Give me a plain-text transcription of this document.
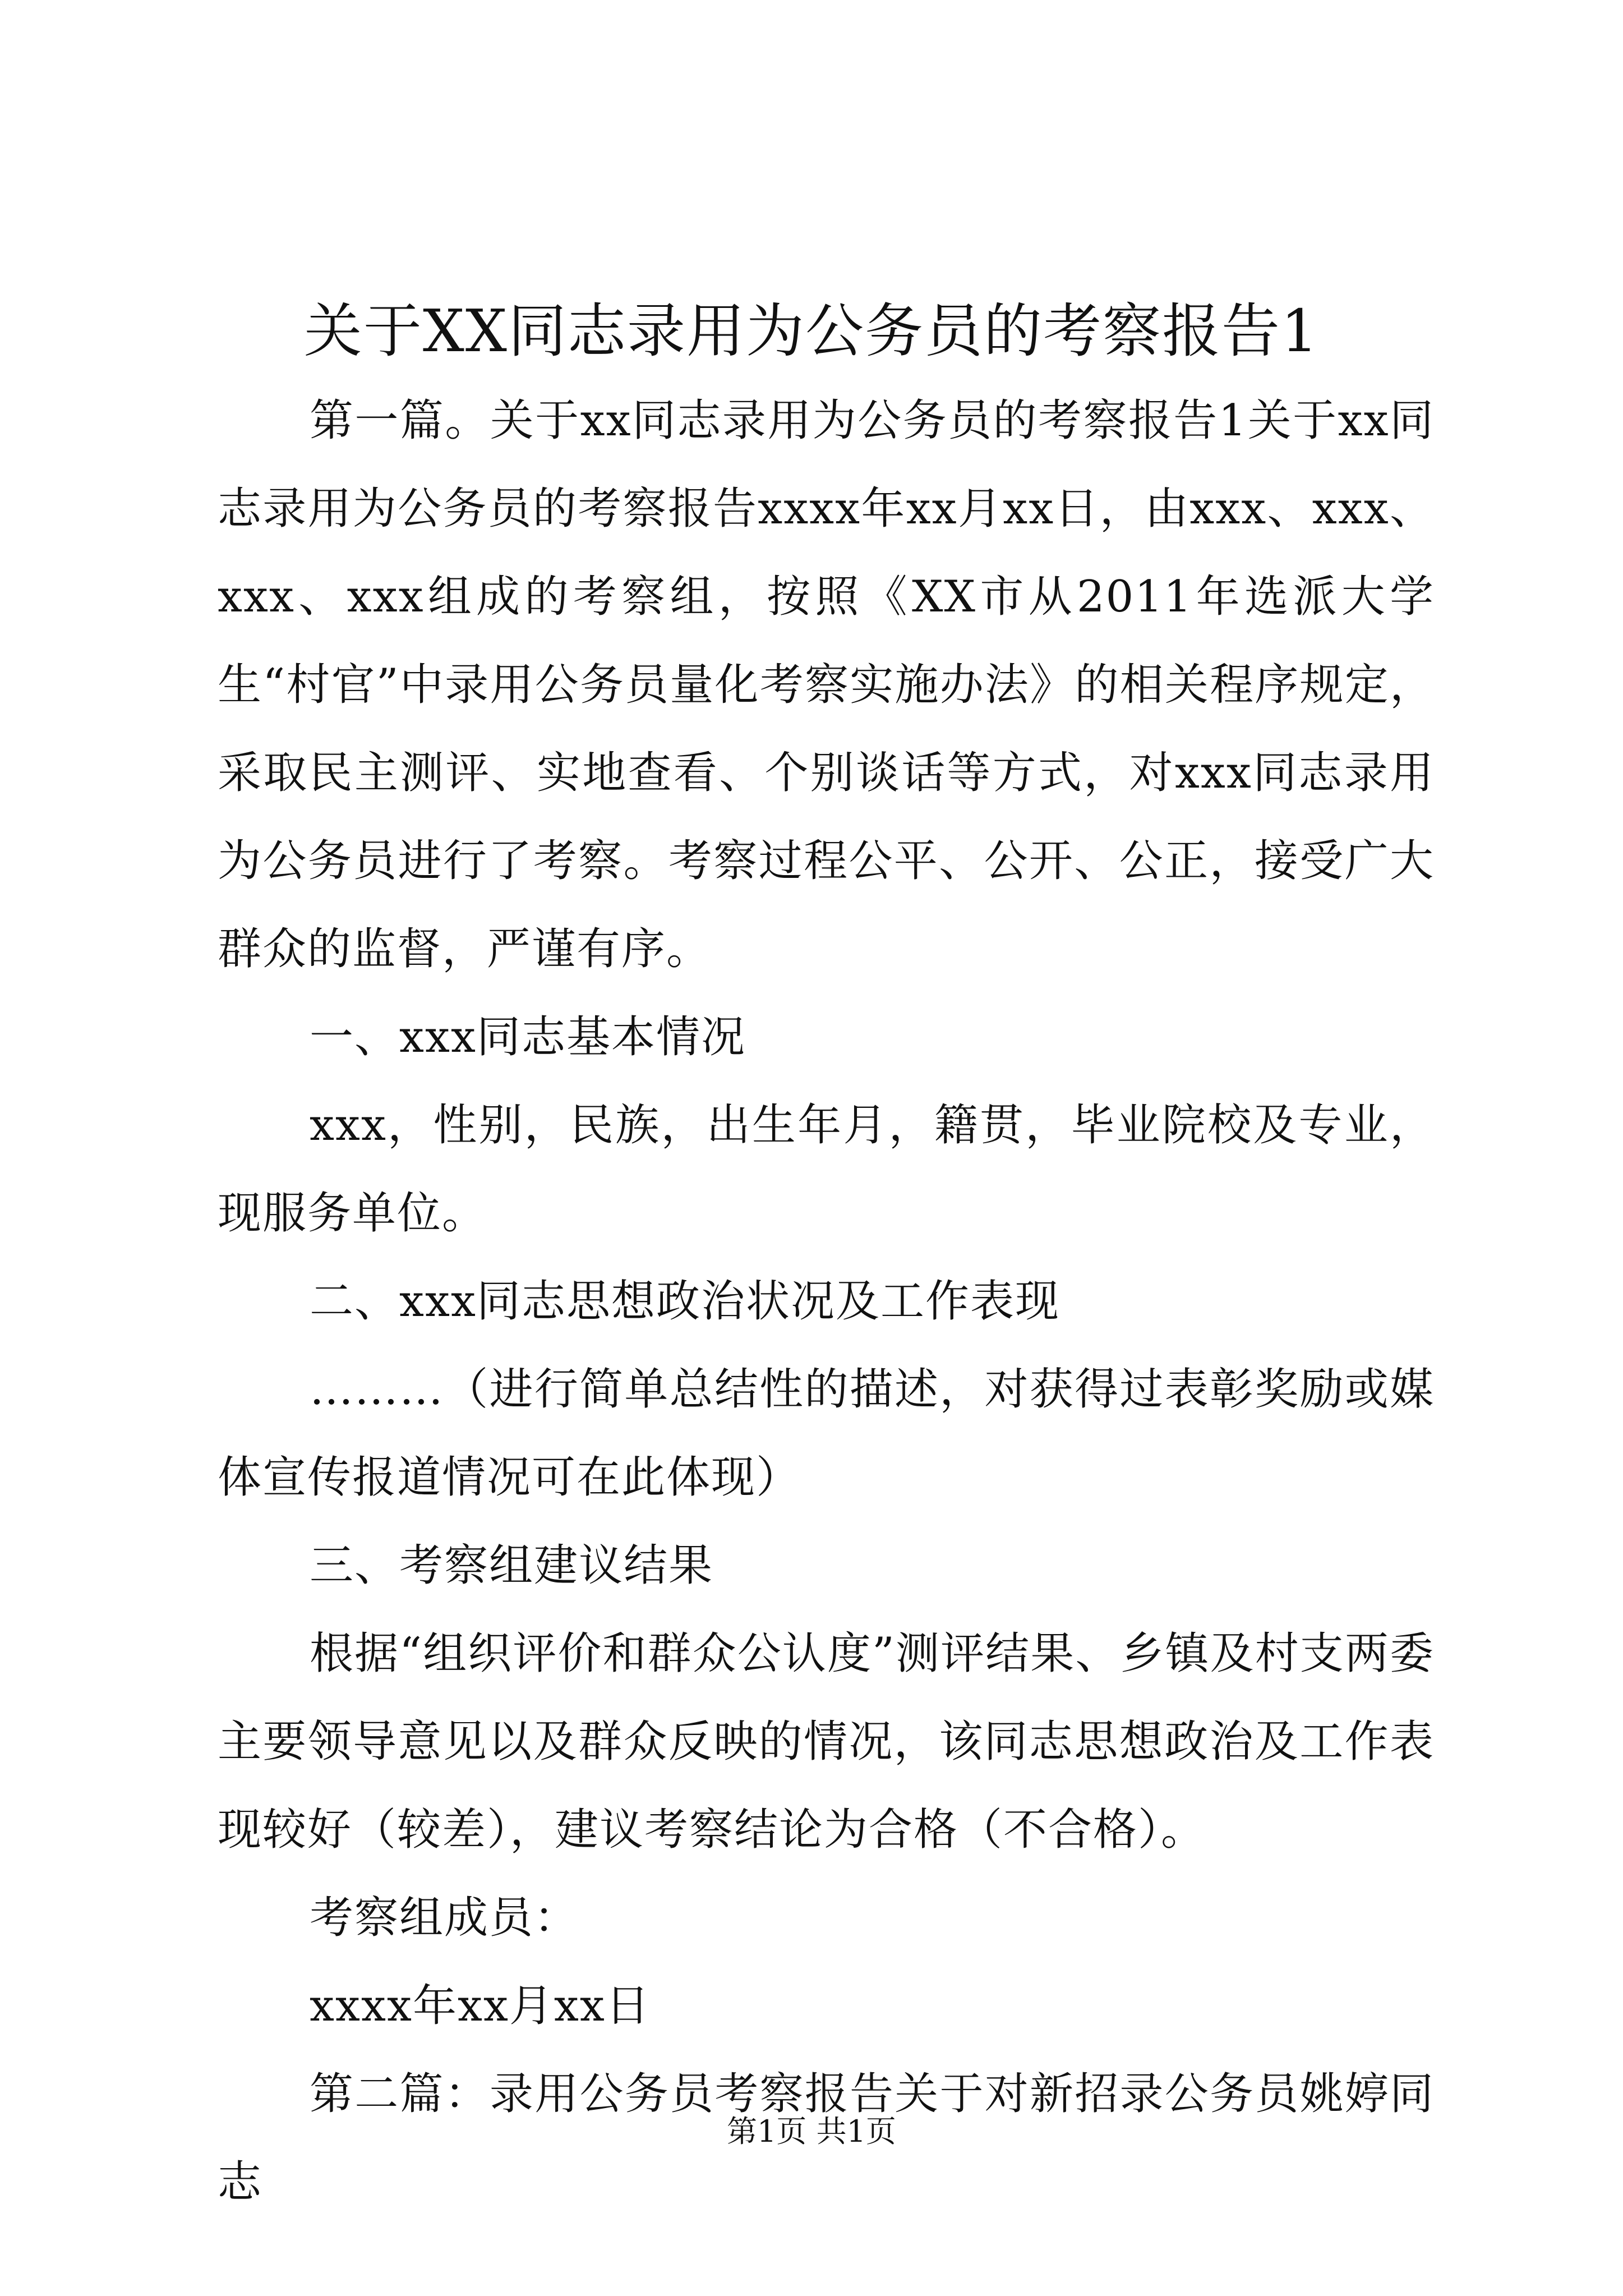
关于XX同志录用为公务员的考察报告1

第一篇。关于xx同志录用为公务员的考察报告1关于xx同志录用为公务员的考察报告xxxx年xx月xx日，由xxx、xxx、xxx、xxx组成的考察组，按照《XX市从2011年选派大学生“村官”中录用公务员量化考察实施办法》的相关程序规定，采取民主测评、实地查看、个别谈话等方式，对xxx同志录用为公务员进行了考察。考察过程公平、公开、公正，接受广大群众的监督，严谨有序。

一、xxx同志基本情况

xxx，性别，民族，出生年月，籍贯，毕业院校及专业，现服务单位。

二、xxx同志思想政治状况及工作表现

………（进行简单总结性的描述，对获得过表彰奖励或媒体宣传报道情况可在此体现）

三、考察组建议结果

根据“组织评价和群众公认度”测评结果、乡镇及村支两委主要领导意见以及群众反映的情况，该同志思想政治及工作表现较好（较差），建议考察结论为合格（不合格）。

考察组成员：

xxxx年xx月xx日

第二篇：录用公务员考察报告关于对新招录公务员姚婷同志

第1页 共1页
